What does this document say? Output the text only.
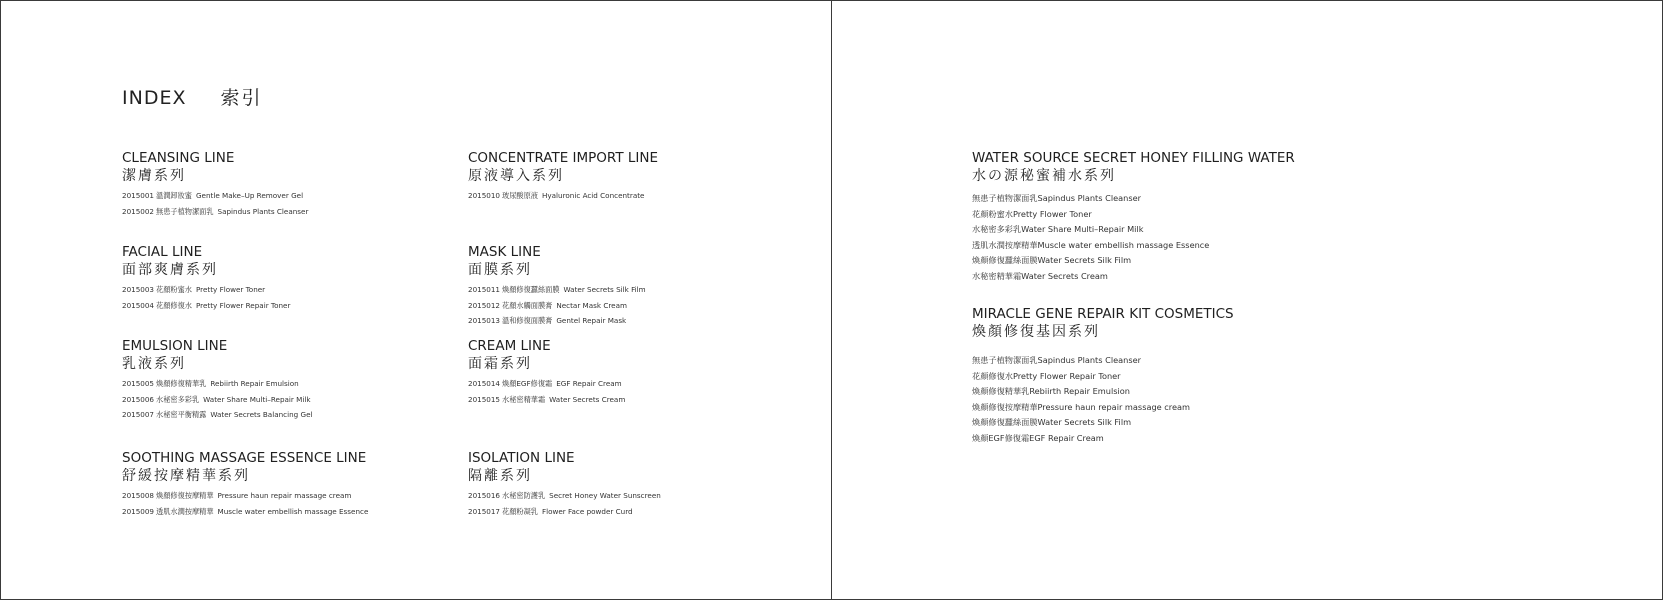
INDEX 索引
CLEANSING LINE
潔膚系列
2015001 溫潤卸妝蜜 Gentle Make–Up Remover Gel
2015002 無患子植物潔面乳 Sapindus Plants Cleanser
CONCENTRATE IMPORT LINE
原液導入系列
2015010 玻尿酸原液 Hyaluronic Acid Concentrate
FACIAL LINE
面部爽膚系列
2015003 花顏粉蜜水 Pretty Flower Toner
2015004 花顏修復水 Pretty Flower Repair Toner
MASK LINE
面膜系列
2015011 煥顏修復蠶絲面膜 Water Secrets Silk Film
2015012 花顏水觸面膜膏 Nectar Mask Cream
2015013 溫和修復面膜膏 Gentel Repair Mask
EMULSION LINE
乳液系列
2015005 煥顏修復精華乳 Rebiirth Repair Emulsion
2015006 水秘密多彩乳 Water Share Multi–Repair Milk
2015007 水秘密平衡精露 Water Secrets Balancing Gel
CREAM LINE
面霜系列
2015014 煥顏EGF修復霜 EGF Repair Cream
2015015 水秘密精華霜 Water Secrets Cream
SOOTHING MASSAGE ESSENCE LINE
舒緩按摩精華系列
2015008 煥顏修復按摩精華 Pressure haun repair massage cream
2015009 透肌水潤按摩精華 Muscle water embellish massage Essence
ISOLATION LINE
隔離系列
2015016 水秘密防護乳 Secret Honey Water Sunscreen
2015017 花顏粉凝乳 Flower Face powder Curd
WATER SOURCE SECRET HONEY FILLING WATER
水の源秘蜜補水系列
無患子植物潔面乳Sapindus Plants Cleanser
花顏粉蜜水Pretty Flower Toner
水秘密多彩乳Water Share Multi–Repair Milk
透肌水潤按摩精華Muscle water embellish massage Essence
煥顏修復蠶絲面膜Water Secrets Silk Film
水秘密精華霜Water Secrets Cream
MIRACLE GENE REPAIR KIT COSMETICS
煥顏修復基因系列
無患子植物潔面乳Sapindus Plants Cleanser
花顏修復水Pretty Flower Repair Toner
煥顏修復精華乳Rebiirth Repair Emulsion
煥顏修復按摩精華Pressure haun repair massage cream
煥顏修復蠶絲面膜Water Secrets Silk Film
煥顏EGF修復霜EGF Repair Cream
